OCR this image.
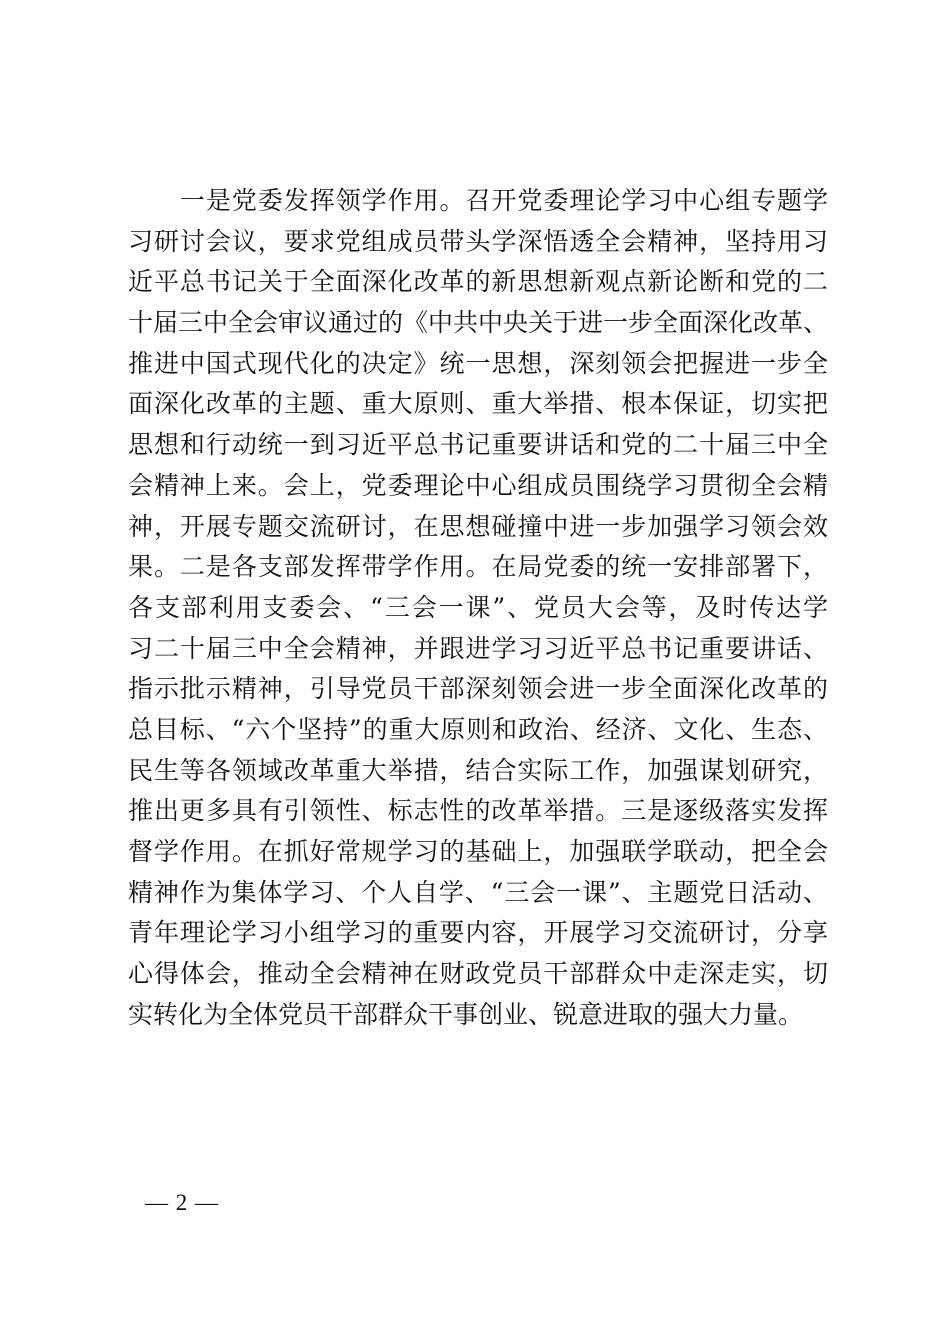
　　一是党委发挥领学作用。召开党委理论学习中心组专题学
习研讨会议，要求党组成员带头学深悟透全会精神，坚持用习
近平总书记关于全面深化改革的新思想新观点新论断和党的二
十届三中全会审议通过的《中共中央关于进一步全面深化改革、
推进中国式现代化的决定》统一思想，深刻领会把握进一步全
面深化改革的主题、重大原则、重大举措、根本保证，切实把
思想和行动统一到习近平总书记重要讲话和党的二十届三中全
会精神上来。会上，党委理论中心组成员围绕学习贯彻全会精
神，开展专题交流研讨，在思想碰撞中进一步加强学习领会效
果。二是各支部发挥带学作用。在局党委的统一安排部署下，
各支部利用支委会、“三会一课”、党员大会等，及时传达学
习二十届三中全会精神，并跟进学习习近平总书记重要讲话、
指示批示精神，引导党员干部深刻领会进一步全面深化改革的
总目标、“六个坚持”的重大原则和政治、经济、文化、生态、
民生等各领域改革重大举措，结合实际工作，加强谋划研究，
推出更多具有引领性、标志性的改革举措。三是逐级落实发挥
督学作用。在抓好常规学习的基础上，加强联学联动，把全会
精神作为集体学习、个人自学、“三会一课”、主题党日活动、
青年理论学习小组学习的重要内容，开展学习交流研讨，分享
心得体会，推动全会精神在财政党员干部群众中走深走实，切
实转化为全体党员干部群众干事创业、锐意进取的强大力量。
— 2 —
